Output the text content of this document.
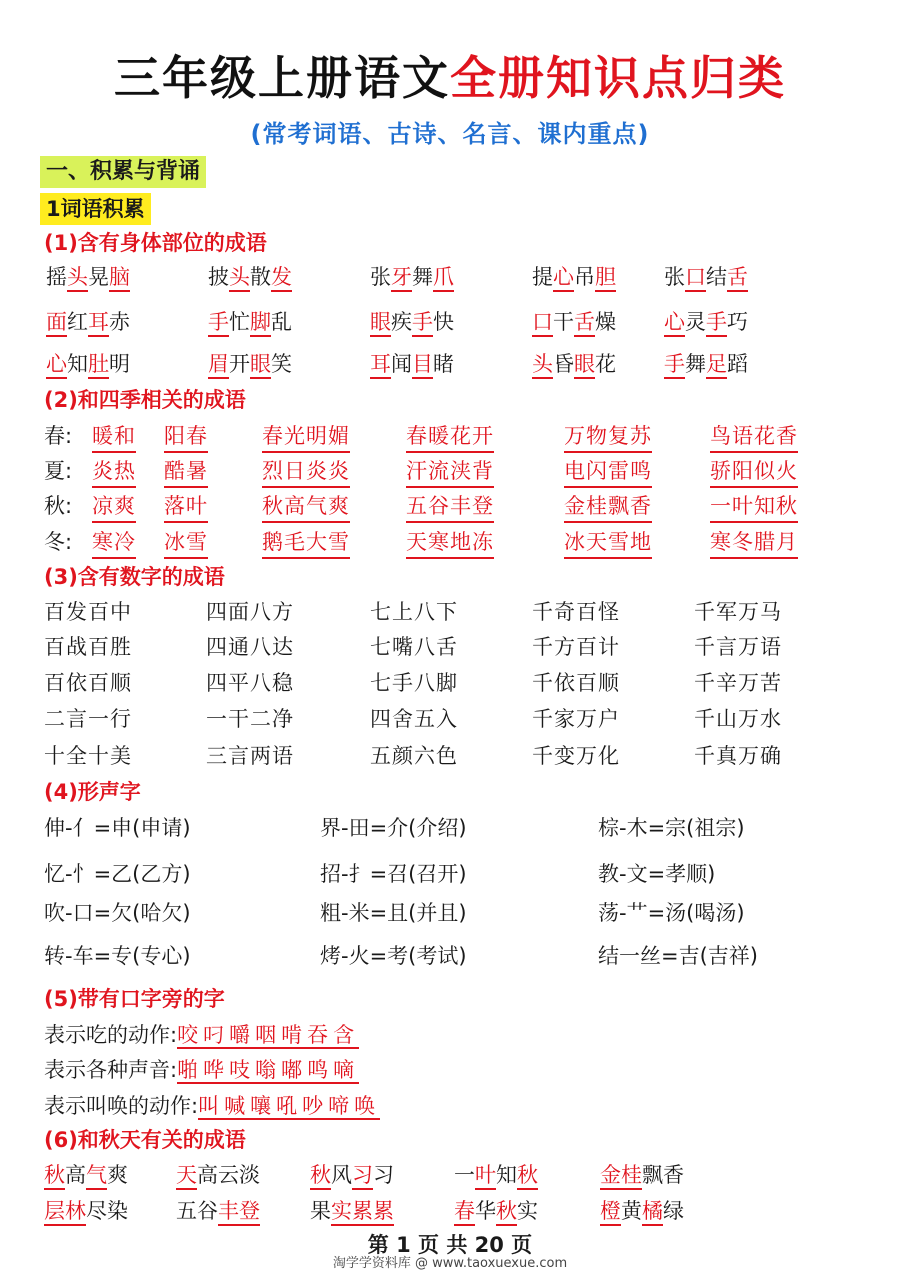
三年级上册语文全册知识点归类
(常考词语、古诗、名言、课内重点)
一、积累与背诵
1词语积累
(1)含有身体部位的成语
摇头晃脑	披头散发	张牙舞爪	提心吊胆 张口结舌
面红耳赤	手忙脚乱	眼疾手快	口干舌燥 心灵手巧
心知肚明	眉开眼笑	耳闻目睹	头昏眼花 手舞足蹈
(2)和四季相关的成语
春: 暖和 阳春	春光明媚	春暖花开	万物复苏	鸟语花香
夏: 炎热 酷暑	烈日炎炎	汗流浃背	电闪雷鸣	骄阳似火
秋: 凉爽 落叶	秋高气爽	五谷丰登	金桂飘香	一叶知秋
冬: 寒冷 冰雪	鹅毛大雪	天寒地冻	冰天雪地	寒冬腊月
(3)含有数字的成语
百发百中	四面八方	七上八下	千奇百怪	千军万马
百战百胜	四通八达	七嘴八舌	千方百计	千言万语
百依百顺	四平八稳	七手八脚	千依百顺	千辛万苦
二言一行	一干二净	四舍五入	千家万户	千山万水
十全十美	三言两语	五颜六色	千变万化	千真万确
(4)形声字
伸-亻=申(申请)	界-田=介(介绍)	棕-木=宗(祖宗)
忆-忄=乙(乙方)	招-扌=召(召开)	教-文=孝顺)
吹-口=欠(哈欠)	粗-米=且(并且)	荡-艹=汤(喝汤)
转-车=专(专心)	烤-火=考(考试)	结一丝=吉(吉祥)
(5)带有口字旁的字
表示吃的动作:咬叼嚼咽啃吞含
表示各种声音:啪哗吱嗡嘟鸣嘀
表示叫唤的动作:叫喊嚷吼吵啼唤
(6)和秋天有关的成语
秋高气爽 天高云淡 秋风习习	一叶知秋	金桂飘香
层林尽染 五谷丰登 果实累累	春华秋实	橙黄橘绿
第 1 页 共 20 页
淘学学资料库 @ www.taoxuexue.com
